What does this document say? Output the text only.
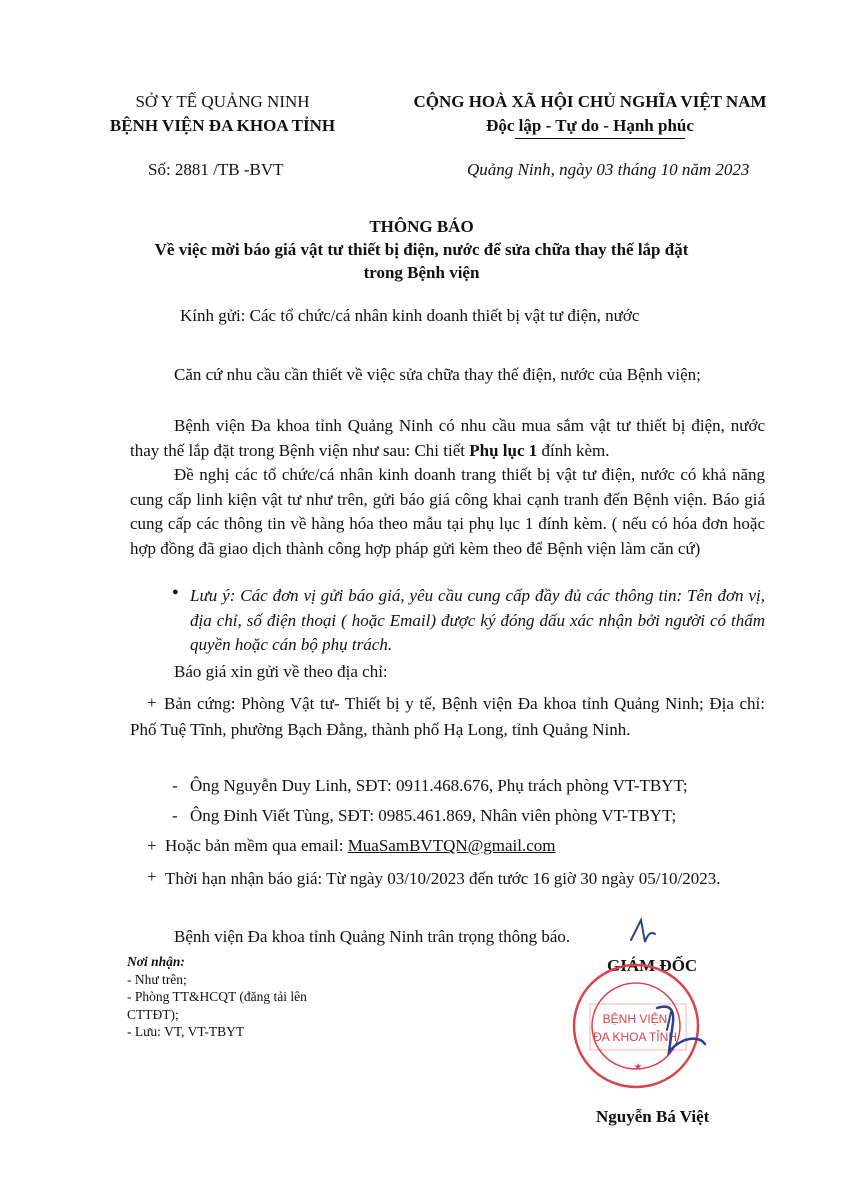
SỞ Y TẾ QUẢNG NINH
BỆNH VIỆN ĐA KHOA TỈNH
CỘNG HOÀ XÃ HỘI CHỦ NGHĨA VIỆT NAM
Độc lập - Tự do - Hạnh phúc
Số: 2881 /TB -BVT	Quảng Ninh, ngày 03 tháng 10 năm 2023
THÔNG BÁO
Về việc mời báo giá vật tư thiết bị điện, nước để sửa chữa thay thế lắp đặt
trong Bệnh viện
Kính gửi: Các tổ chức/cá nhân kinh doanh thiết bị vật tư điện, nước
Căn cứ nhu cầu cần thiết về việc sửa chữa thay thế điện, nước của Bệnh viện;
Bệnh viện Đa khoa tỉnh Quảng Ninh có nhu cầu mua sắm vật tư thiết bị điện, nước thay thế lắp đặt trong Bệnh viện như sau: Chi tiết Phụ lục 1 đính kèm.
Đề nghị các tổ chức/cá nhân kinh doanh trang thiết bị vật tư điện, nước có khả năng cung cấp linh kiện vật tư như trên, gửi báo giá công khai cạnh tranh đến Bệnh viện. Báo giá cung cấp các thông tin về hàng hóa theo mẫu tại phụ lục 1 đính kèm. ( nếu có hóa đơn hoặc hợp đồng đã giao dịch thành công hợp pháp gửi kèm theo để Bệnh viện làm căn cứ)
● Lưu ý: Các đơn vị gửi báo giá, yêu cầu cung cấp đầy đủ các thông tin: Tên đơn vị, địa chỉ, số điện thoại ( hoặc Email) được ký đóng dấu xác nhận bởi người có thẩm quyền hoặc cán bộ phụ trách.
Báo giá xin gửi về theo địa chỉ:
+ Bản cứng: Phòng Vật tư- Thiết bị y tế, Bệnh viện Đa khoa tỉnh Quảng Ninh; Địa chỉ: Phố Tuệ Tĩnh, phường Bạch Đằng, thành phố Hạ Long, tỉnh Quảng Ninh.
- Ông Nguyễn Duy Linh, SĐT: 0911.468.676, Phụ trách phòng VT-TBYT;
- Ông Đinh Viết Tùng, SĐT: 0985.461.869, Nhân viên phòng VT-TBYT;
+ Hoặc bản mềm qua email: MuaSamBVTQN@gmail.com
+ Thời hạn nhận báo giá: Từ ngày 03/10/2023 đến tước 16 giờ 30 ngày 05/10/2023.
Bệnh viện Đa khoa tỉnh Quảng Ninh trân trọng thông báo.
Nơi nhận:
- Như trên;
- Phòng TT&HCQT (đăng tải lên
CTTĐT);
- Lưu: VT, VT-TBYT
GIÁM ĐỐC
★
BỆNH VIỆN
ĐA KHOA TỈNH
Nguyễn Bá Việt
